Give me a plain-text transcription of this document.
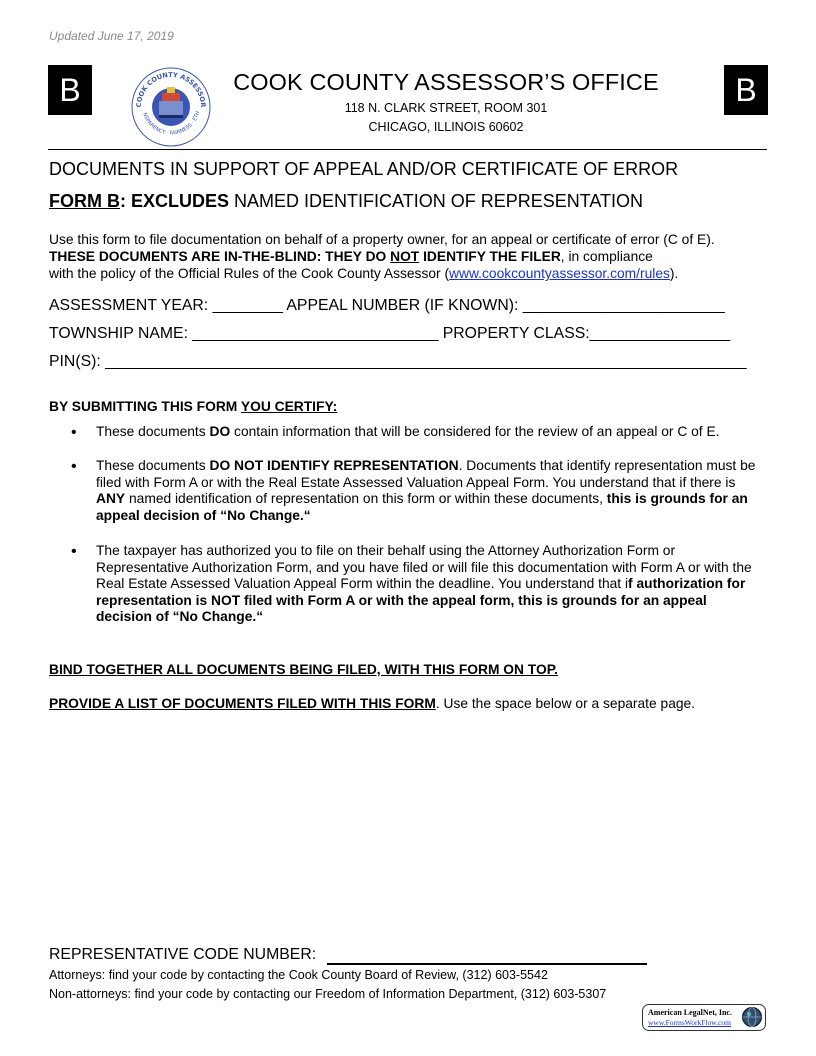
Updated June 17, 2019
B	B
COOK COUNTY ASSESSOR
NSPARENCY · FAIRNESS · ETH
COOK COUNTY ASSESSOR’S OFFICE
118 N. CLARK STREET, ROOM 301
CHICAGO, ILLINOIS 60602
DOCUMENTS IN SUPPORT OF APPEAL AND/OR CERTIFICATE OF ERROR
FORM B: EXCLUDES NAMED IDENTIFICATION OF REPRESENTATION
Use this form to file documentation on behalf of a property owner, for an appeal or certificate of error (C of E).
THESE DOCUMENTS ARE IN-THE-BLIND: THEY DO NOT IDENTIFY THE FILER, in compliance
with the policy of the Official Rules of the Cook County Assessor (www.cookcountyassessor.com/rules).
ASSESSMENT YEAR: ________ APPEAL NUMBER (IF KNOWN): _______________________
TOWNSHIP NAME: ____________________________ PROPERTY CLASS:________________
PIN(S): _________________________________________________________________________
BY SUBMITTING THIS FORM YOU CERTIFY:
• These documents DO contain information that will be considered for the review of an appeal or C of E.
• These documents DO NOT IDENTIFY REPRESENTATION. Documents that identify representation must be filed with Form A or with the Real Estate Assessed Valuation Appeal Form. You understand that if there is ANY named identification of representation on this form or within these documents, this is grounds for an appeal decision of “No Change.“
• The taxpayer has authorized you to file on their behalf using the Attorney Authorization Form or Representative Authorization Form, and you have filed or will file this documentation with Form A or with the Real Estate Assessed Valuation Appeal Form within the deadline. You understand that if authorization for representation is NOT filed with Form A or with the appeal form, this is grounds for an appeal decision of “No Change.“
BIND TOGETHER ALL DOCUMENTS BEING FILED, WITH THIS FORM ON TOP.
PROVIDE A LIST OF DOCUMENTS FILED WITH THIS FORM. Use the space below or a separate page.
REPRESENTATIVE CODE NUMBER:
Attorneys: find your code by contacting the Cook County Board of Review, (312) 603-5542
Non-attorneys: find your code by contacting our Freedom of Information Department, (312) 603-5307
American LegalNet, Inc.
www.FormsWorkFlow.com
